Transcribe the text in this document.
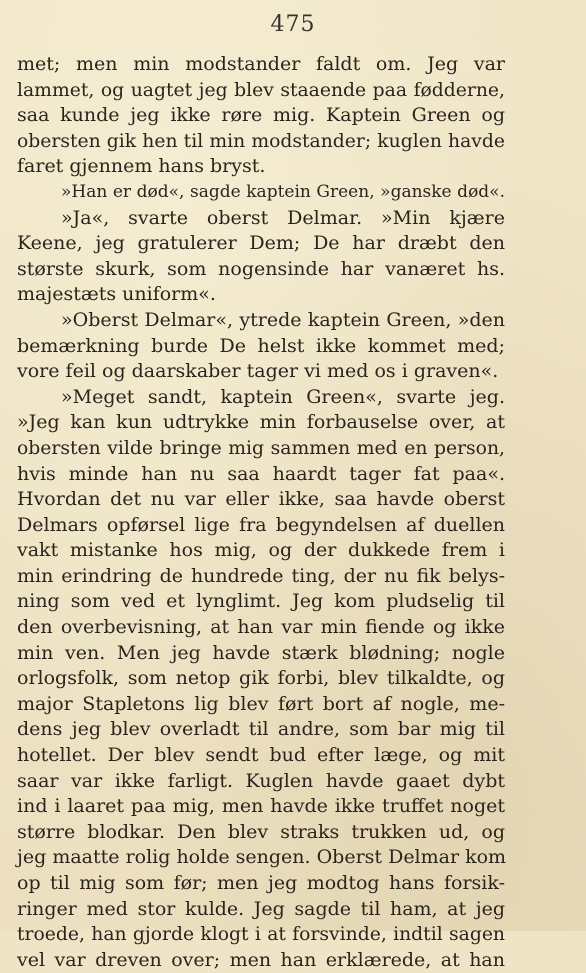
475
met; men min modstander faldt om. Jeg var
lammet, og uagtet jeg blev staaende paa fødderne,
saa kunde jeg ikke røre mig. Kaptein Green og
obersten gik hen til min modstander; kuglen havde
faret gjennem hans bryst.
»Han er død«, sagde kaptein Green, »ganske død«.
»Ja«, svarte oberst Delmar. »Min kjære
Keene, jeg gratulerer Dem; De har dræbt den
største skurk, som nogensinde har vanæret hs.
majestæts uniform«.
»Oberst Delmar«, ytrede kaptein Green, »den
bemærkning burde De helst ikke kommet med;
vore feil og daarskaber tager vi med os i graven«.
»Meget sandt, kaptein Green«, svarte jeg.
»Jeg kan kun udtrykke min forbauselse over, at
obersten vilde bringe mig sammen med en person,
hvis minde han nu saa haardt tager fat paa«.
Hvordan det nu var eller ikke, saa havde oberst
Delmars opførsel lige fra begyndelsen af duellen
vakt mistanke hos mig, og der dukkede frem i
min erindring de hundrede ting, der nu fik belys-
ning som ved et lynglimt. Jeg kom pludselig til
den overbevisning, at han var min fiende og ikke
min ven. Men jeg havde stærk blødning; nogle
orlogsfolk, som netop gik forbi, blev tilkaldte, og
major Stapletons lig blev ført bort af nogle, me-
dens jeg blev overladt til andre, som bar mig til
hotellet. Der blev sendt bud efter læge, og mit
saar var ikke farligt. Kuglen havde gaaet dybt
ind i laaret paa mig, men havde ikke truffet noget
større blodkar. Den blev straks trukken ud, og
jeg maatte rolig holde sengen. Oberst Delmar kom
op til mig som før; men jeg modtog hans forsik-
ringer med stor kulde. Jeg sagde til ham, at jeg
troede, han gjorde klogt i at forsvinde, indtil sagen
vel var dreven over; men han erklærede, at han
